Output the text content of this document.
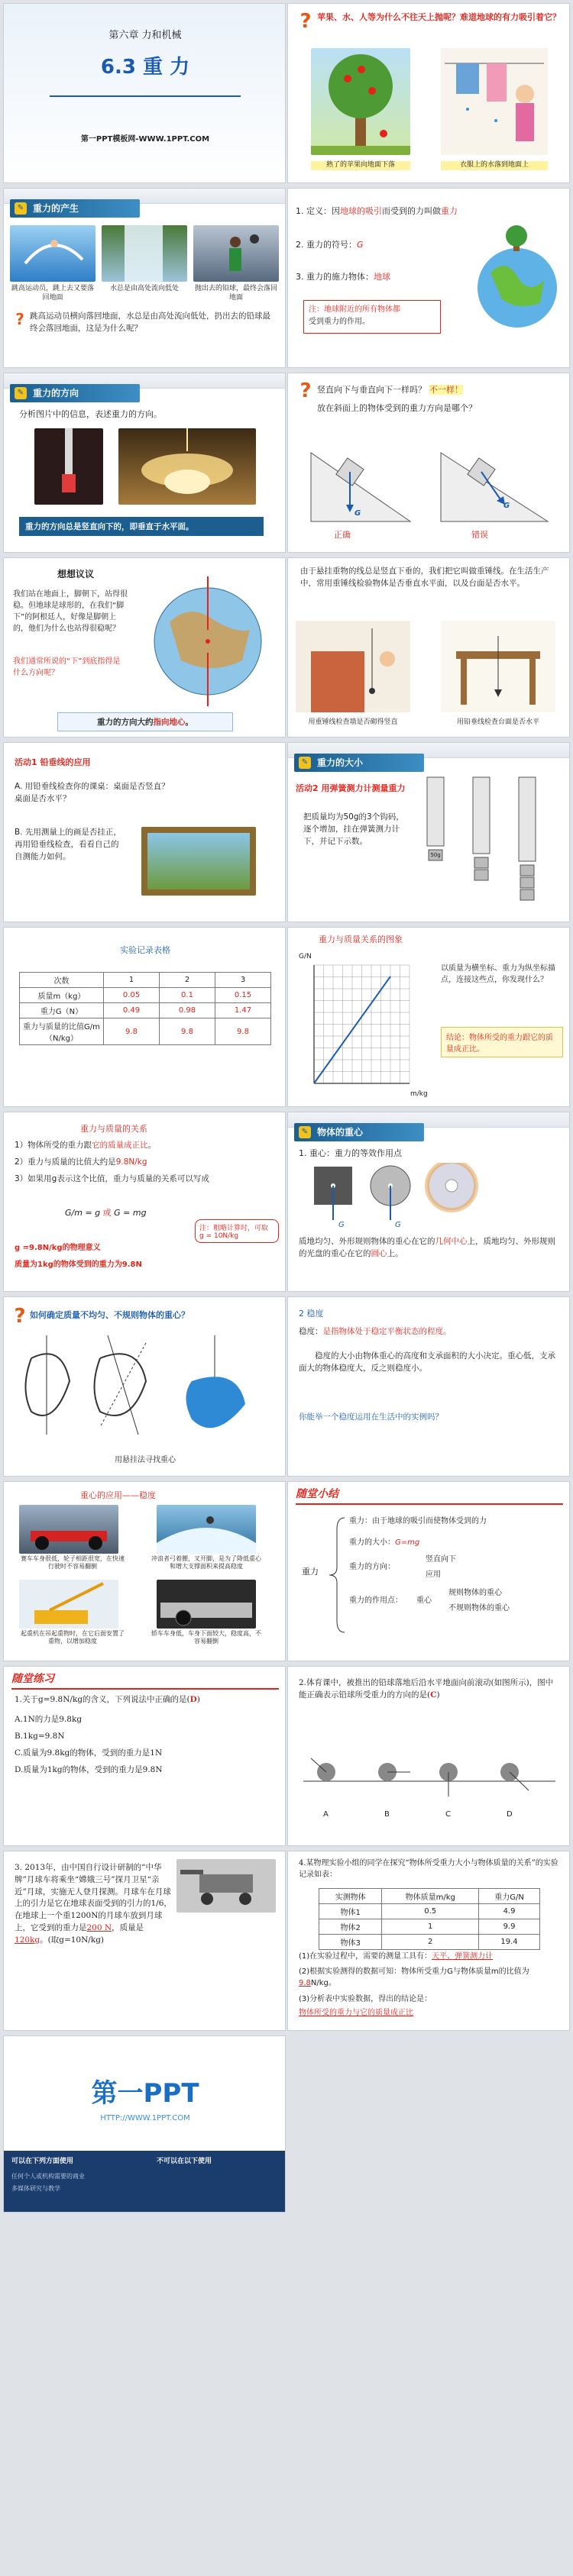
第六章 力和机械
6.3 重 力
第一PPT模板网-WWW.1PPT.COM
? 苹果、水、人等为什么不往天上抛呢？难道地球的有力吸引着它？
熟了的苹果向地面下落	衣服上的水落到地面上
✎ 重力的产生
跳高运动员，跳上去又要落回地面
水总是由高处流向低处	抛出去的铅球，最终会落回地面
? 跳高运动员横向落回地面，水总是由高处流向低处，扔出去的铅球最终会落回地面，这是为什么呢？
1. 定义：因地球的吸引而受到的力叫做重力
2. 重力的符号：G
3. 重力的施力物体：地球
注：地球附近的所有物体都
受到重力的作用。
✎ 重力的方向
分析图片中的信息，表述重力的方向。
重力的方向总是竖直向下的，即垂直于水平面。
? 竖直向下与垂直向下一样吗？ 不一样！
放在斜面上的物体受到的重力方向是哪个？
G
G
正确	错误
想想议议
我们站在地面上，脚朝下，站得很稳。但地球是球形的，在我们“脚下”的阿根廷人，好像是脚朝上的，他们为什么也站得很稳呢？
我们通常所说的“下”到底指得是什么方向呢？
重力的方向大约指向地心。
由于悬挂重物的线总是竖直下垂的，我们把它叫做重锤线。在生活生产中，常用重锤线检验物体是否垂直水平面，以及台面是否水平。
用重锤线检查墙是否砌得竖直	用铅垂线检查台面是否水平
活动1 铅垂线的应用
A. 用铅垂线检查你的课桌：桌面是否竖直？桌面是否水平？
B. 先用测量上的画是否挂正，再用铅垂线检查，看看自己的自测能力如何。
✎ 重力的大小
活动2 用弹簧测力计测量重力
把质量均为50g的3个钩码，逐个增加，挂在弹簧测力计下，并记下示数。
50g
实验记录表格
次数	1	2	3
质量m（kg）	0.05	0.1	0.15
重力G（N）	0.49	0.98	1.47
重力与质量的比值G/m（N/kg）	9.8	9.8	9.8
重力与质量关系的图象
G/N
m/kg
以质量为横坐标、重力为纵坐标描点，连接这些点，你发现什么？
结论：物体所受的重力跟它的质量成正比。
重力与质量的关系
1）物体所受的重力跟它的质量成正比。
2）重力与质量的比值大约是9.8N/kg
3）如果用g表示这个比值，重力与质量的关系可以写成
G/m = g 或 G = mg
注：粗略计算时，可取 g = 10N/kg
g =9.8N/kg的物理意义
质量为1kg的物体受到的重力为9.8N
✎ 物体的重心
1. 重心：重力的等效作用点
G	G
质地均匀、外形规则物体的重心在它的几何中心上，质地均匀、外形规则的光盘的重心在它的圆心上。
? 如何确定质量不均匀、不规则物体的重心？
用悬挂法寻找重心
2 稳度
稳度：是指物体处于稳定平衡状态的程度。
稳度的大小由物体重心的高度和支承面积的大小决定。重心低，支承面大的物体稳度大，反之则稳度小。
你能举一个稳度运用在生活中的实例吗？
重心的应用——稳度
赛车车身很低，轮子相距很宽，在快速行驶时不容易翻倒
冲浪者弓着腰，叉开脚，是为了降低重心和增大支撑面积来提高稳度
起重机在吊起重物时，在它后面安置了重物，以增加稳度
轿车车身低，车身下面较大，稳度高，不容易翻倒
随堂小结
重力
重力：由于地球的吸引而使物体受到的力
重力的大小：G=mg
重力的方向：
竖直向下
应用
重力的作用点： 重心
规则物体的重心
不规则物体的重心
随堂练习
1.关于g=9.8N/kg的含义，下列说法中正确的是(D)
A.1N的力是9.8kg
B.1kg=9.8N
C.质量为9.8kg的物体，受到的重力是1N
D.质量为1kg的物体，受到的重力是9.8N
2.体育课中，被推出的铅球落地后沿水平地面向前滚动(如图所示)，图中能正确表示铅球所受重力的方向的是(C)
A	B	C	D
3. 2013年，由中国自行设计研制的“中华牌”月球车将乘坐“嫦娥三号”探月卫星“亲近”月球，实施无人登月探测。月球车在月球上的引力是它在地球表面受到的引力的1/6，在地球上一个重1200N的月球车放到月球上，它受到的重力是200 N，质量是120kg。(取g=10N/kg)
4.某物理实验小组的同学在探究“物体所受重力大小与物体质量的关系”的实验记录如表：
实测物体	物体质量m/kg	重力G/N
物体1	0.5	4.9
物体2	1	9.9
物体3	2	19.4
(1)在实验过程中，需要的测量工具有：天平、弹簧测力计
(2)根据实验测得的数据可知：物体所受重力G与物体质量m的比值为9.8N/kg。
(3)分析表中实验数据，得出的结论是：
物体所受的重力与它的质量成正比
第一PPT
HTTP://WWW.1PPT.COM
可以在下列方面使用	不可以在以下使用
任何个人或机构需要的商业
多媒体研究与教学
